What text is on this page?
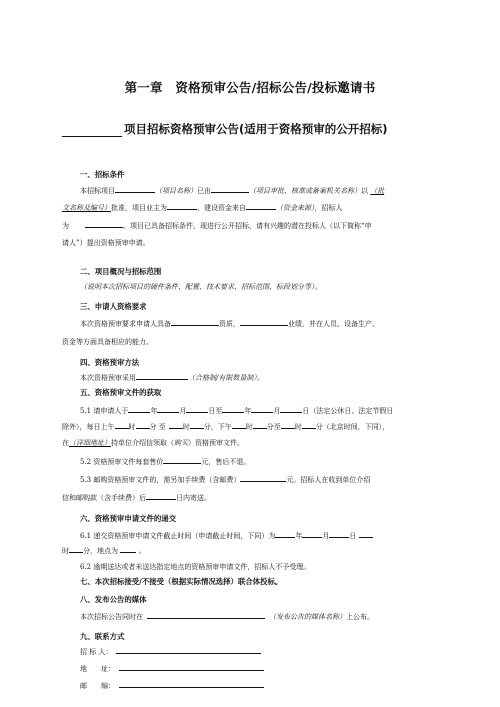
第一章　资格预审公告/招标公告/投标邀请书
项目招标资格预审公告(适用于资格预审的公开招标)
一、招标条件
本招标项目	（项目名称）已由	（项目审批、核准或备案机关名称）以 （批
文名称及编号）批准，项目业主为	，建设资金来自	（资金来源），招标人
为	。项目已具备招标条件，现进行公开招标，请有兴趣的潜在投标人（以下简称“申
请人”）提出资格预审申请。
二、项目概况与招标范围
（说明本次招标项目的硬件条件、配置、技术要求、招标范围、标段划分等）。
三、申请人资格要求
本次资格预审要求申请人具备	资质，	业绩，并在人员、设备生产、
资金等方面具备相应的能力。
四、资格预审方法
本次资格预审采用	（合格制/有限数量制）。
五、资格预审文件的获取
5.1 请申请人于	年	月	日至	年	月	日（法定公休日、法定节假日
除外），每日上午 时 分 至 时 分，下午 时 分至 时 分（北京时间，下同），
在（详细地址）持单位介绍信领取（购买）资格预审文件。
5.2 资格预审文件每套售价	元，售后不退。
5.3 邮购资格预审文件的，需另加手续费（含邮费）	元。招标人在收到单位介绍
信和邮购款（含手续费）后	日内寄送。
六、资格预审申请文件的递交
6.1 递交资格预审申请文件截止时间（申请截止时间，下同）为	年	月	日
时 分，地点为	。
6.2 逾期送达或者未送达指定地点的资格预审申请文件，招标人不予受理。
七、本次招标接受/不接受（根据实际情况选择）联合体投标。
八、发布公告的媒体
本次招标公告同时在	（发布公告的媒体名称）上公布。
九、联系方式
招 标 人：
地　　址：
邮　　编：
